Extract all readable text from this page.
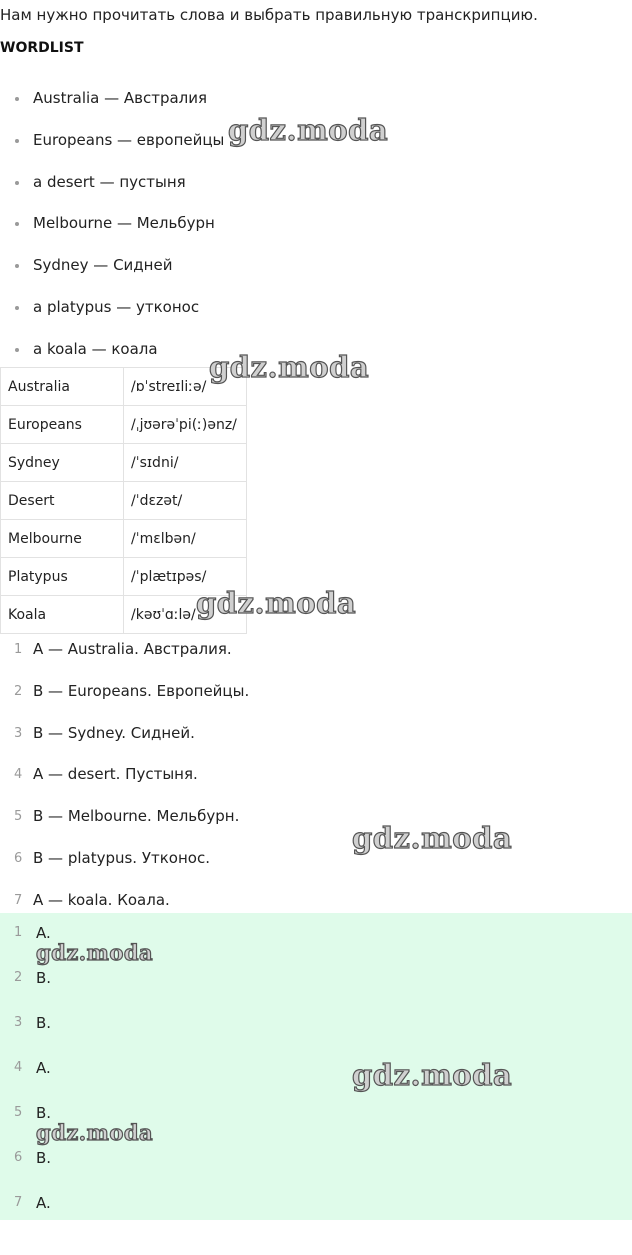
Нам нужно прочитать слова и выбрать правильную транскрипцию.
WORDLIST
Australia — Австралия
Europeans — европейцы
a desert — пустыня
Melbourne — Мельбурн
Sydney — Сидней
a platypus — утконос
a koala — коала
Australia	/ɒˈstreɪliːə/
Europeans	/ˌjʊərəˈpi(ː)ənz/
Sydney	/ˈsɪdni/
Desert	/ˈdɛzət/
Melbourne	/ˈmɛlbən/
Platypus	/ˈplætɪpəs/
Koala	/kəʊˈɑːlə/
1 A — Australia. Австралия.
2 B — Europeans. Европейцы.
3 B — Sydney. Сидней.
4 A — desert. Пустыня.
5 B — Melbourne. Мельбурн.
6 B — platypus. Утконос.
7 A — koala. Коала.
1 A.
2 B.
3 B.
4 A.
5 B.
6 B.
7 A.
gdz.moda
gdz.moda
gdz.moda
gdz.moda
gdz.moda
gdz.moda
gdz.moda
